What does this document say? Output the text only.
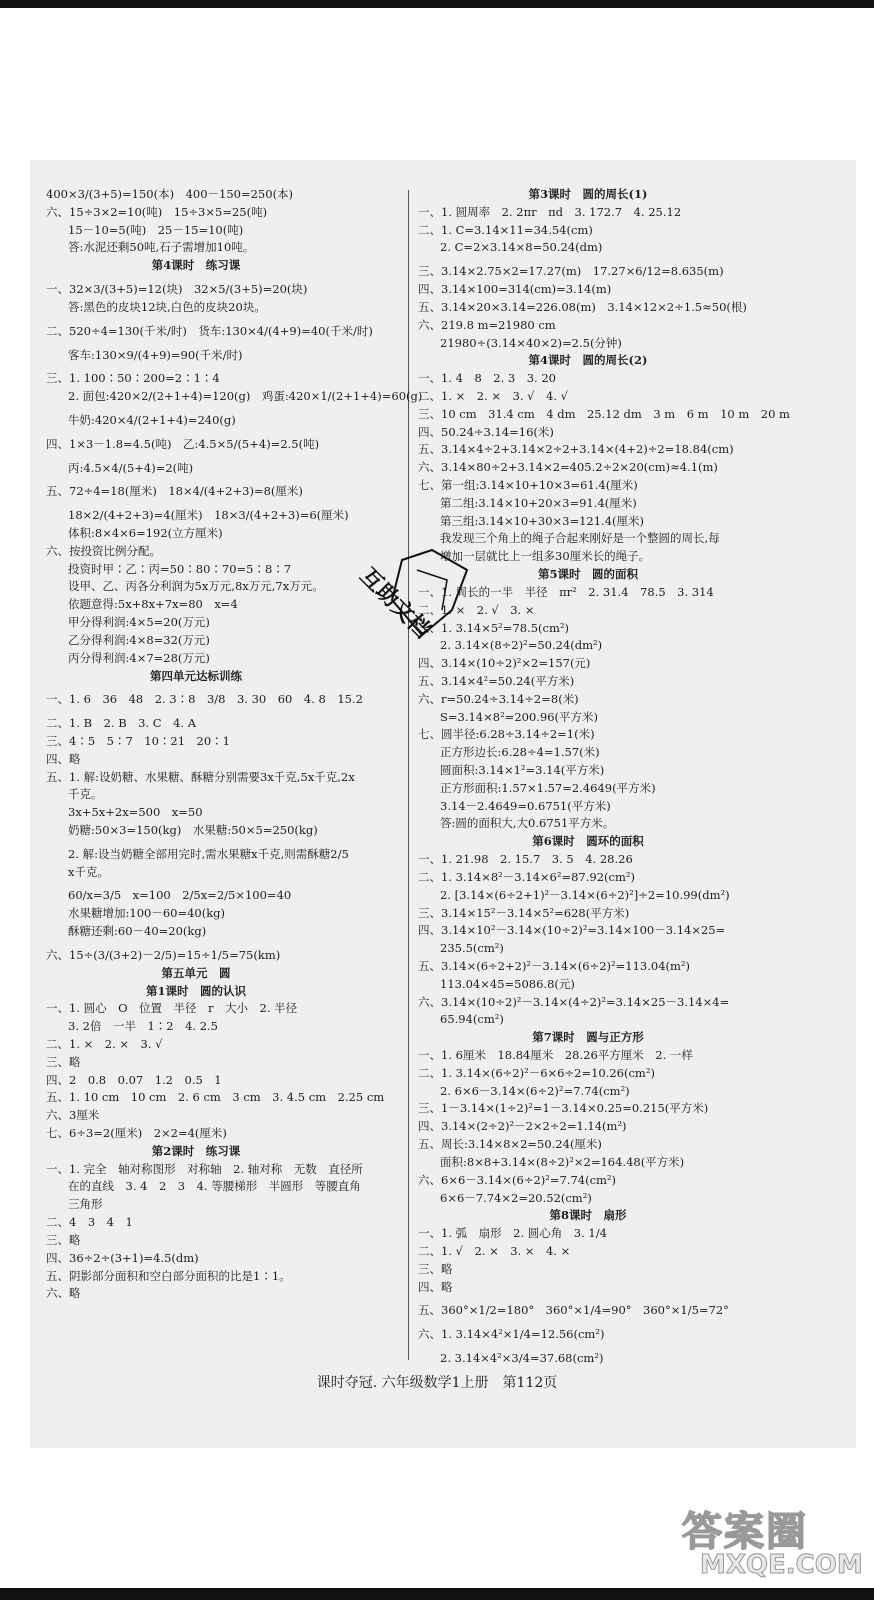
400×3/(3+5)=150(本)　400－150=250(本)
六、15÷3×2=10(吨)　15÷3×5=25(吨)
15－10=5(吨)　25－15=10(吨)
答:水泥还剩50吨,石子需增加10吨。
第4课时　练习课
一、32×3/(3+5)=12(块)　32×5/(3+5)=20(块)
答:黑色的皮块12块,白色的皮块20块。
二、520÷4=130(千米/时)　货车:130×4/(4+9)=40(千米/时)
客车:130×9/(4+9)=90(千米/时)
三、1. 100∶50∶200=2∶1∶4
2. 面包:420×2/(2+1+4)=120(g)　鸡蛋:420×1/(2+1+4)=60(g)
牛奶:420×4/(2+1+4)=240(g)
四、1×3－1.8=4.5(吨)　乙:4.5×5/(5+4)=2.5(吨)
丙:4.5×4/(5+4)=2(吨)
五、72÷4=18(厘米)　18×4/(4+2+3)=8(厘米)
18×2/(4+2+3)=4(厘米)　18×3/(4+2+3)=6(厘米)
体积:8×4×6=192(立方厘米)
六、按投资比例分配。
投资时甲∶乙∶丙=50∶80∶70=5∶8∶7
设甲、乙、丙各分利润为5x万元,8x万元,7x万元。
依题意得:5x+8x+7x=80　x=4
甲分得利润:4×5=20(万元)
乙分得利润:4×8=32(万元)
丙分得利润:4×7=28(万元)
第四单元达标训练
一、1. 6　36　48　2. 3∶8　3/8　3. 30　60　4. 8　15.2
二、1. B　2. B　3. C　4. A
三、4∶5　5∶7　10∶21　20∶1
四、略
五、1. 解:设奶糖、水果糖、酥糖分别需要3x千克,5x千克,2x
千克。
3x+5x+2x=500　x=50
奶糖:50×3=150(kg)　水果糖:50×5=250(kg)
2. 解:设当奶糖全部用完时,需水果糖x千克,则需酥糖2/5
x千克。
60/x=3/5　x=100　2/5x=2/5×100=40
水果糖增加:100－60=40(kg)
酥糖还剩:60－40=20(kg)
六、15÷(3/(3+2)－2/5)=15÷1/5=75(km)
第五单元　圆
第1课时　圆的认识
一、1. 圆心　O　位置　半径　r　大小　2. 半径
3. 2倍　一半　1∶2　4. 2.5
二、1. ×　2. ×　3. √
三、略
四、2　0.8　0.07　1.2　0.5　1
五、1. 10 cm　10 cm　2. 6 cm　3 cm　3. 4.5 cm　2.25 cm
六、3厘米
七、6÷3=2(厘米)　2×2=4(厘米)
第2课时　练习课
一、1. 完全　轴对称图形　对称轴　2. 轴对称　无数　直径所
在的直线　3. 4　2　3　4. 等腰梯形　半圆形　等腰直角
三角形
二、4　3　4　1
三、略
四、36÷2÷(3+1)=4.5(dm)
五、阴影部分面积和空白部分面积的比是1∶1。
六、略
第3课时　圆的周长(1)
一、1. 圆周率　2. 2πr　πd　3. 172.7　4. 25.12
二、1. C=3.14×11=34.54(cm)
2. C=2×3.14×8=50.24(dm)
三、3.14×2.75×2=17.27(m)　17.27×6/12=8.635(m)
四、3.14×100=314(cm)=3.14(m)
五、3.14×20×3.14=226.08(m)　3.14×12×2÷1.5≈50(根)
六、219.8 m=21980 cm
21980÷(3.14×40×2)=2.5(分钟)
第4课时　圆的周长(2)
一、1. 4　8　2. 3　3. 20
二、1. ×　2. ×　3. √　4. √
三、10 cm　31.4 cm　4 dm　25.12 dm　3 m　6 m　10 m　20 m
四、50.24÷3.14=16(米)
五、3.14×4÷2+3.14×2÷2+3.14×(4+2)÷2=18.84(cm)
六、3.14×80÷2+3.14×2=405.2÷2×20(cm)≈4.1(m)
七、第一组:3.14×10+10×3=61.4(厘米)
第二组:3.14×10+20×3=91.4(厘米)
第三组:3.14×10+30×3=121.4(厘米)
我发现三个角上的绳子合起来刚好是一个整圆的周长,每
增加一层就比上一组多30厘米长的绳子。
第5课时　圆的面积
一、1. 周长的一半　半径　πr²　2. 31.4　78.5　3. 314
二、1. ×　2. √　3. ×
三、1. 3.14×5²=78.5(cm²)
2. 3.14×(8÷2)²=50.24(dm²)
四、3.14×(10÷2)²×2=157(元)
五、3.14×4²=50.24(平方米)
六、r=50.24÷3.14÷2=8(米)
S=3.14×8²=200.96(平方米)
七、圆半径:6.28÷3.14÷2=1(米)
正方形边长:6.28÷4=1.57(米)
圆面积:3.14×1²=3.14(平方米)
正方形面积:1.57×1.57=2.4649(平方米)
3.14－2.4649=0.6751(平方米)
答:圆的面积大,大0.6751平方米。
第6课时　圆环的面积
一、1. 21.98　2. 15.7　3. 5　4. 28.26
二、1. 3.14×8²－3.14×6²=87.92(cm²)
2. [3.14×(6÷2+1)²－3.14×(6÷2)²]÷2=10.99(dm²)
三、3.14×15²－3.14×5²=628(平方米)
四、3.14×10²－3.14×(10÷2)²=3.14×100－3.14×25=
235.5(cm²)
五、3.14×(6÷2+2)²－3.14×(6÷2)²=113.04(m²)
113.04×45=5086.8(元)
六、3.14×(10÷2)²－3.14×(4÷2)²=3.14×25－3.14×4=
65.94(cm²)
第7课时　圆与正方形
一、1. 6厘米　18.84厘米　28.26平方厘米　2. 一样
二、1. 3.14×(6÷2)²－6×6÷2=10.26(cm²)
2. 6×6－3.14×(6÷2)²=7.74(cm²)
三、1－3.14×(1÷2)²=1－3.14×0.25=0.215(平方米)
四、3.14×(2÷2)²－2×2÷2=1.14(m²)
五、周长:3.14×8×2=50.24(厘米)
面积:8×8+3.14×(8÷2)²×2=164.48(平方米)
六、6×6－3.14×(6÷2)²=7.74(cm²)
6×6－7.74×2=20.52(cm²)
第8课时　扇形
一、1. 弧　扇形　2. 圆心角　3. 1/4
二、1. √　2. ×　3. ×　4. ×
三、略
四、略
五、360°×1/2=180°　360°×1/4=90°　360°×1/5=72°
六、1. 3.14×4²×1/4=12.56(cm²)
2. 3.14×4²×3/4=37.68(cm²)
互助文档
课时夺冠. 六年级数学1上册　第112页
答案圈
MXQE.COM
